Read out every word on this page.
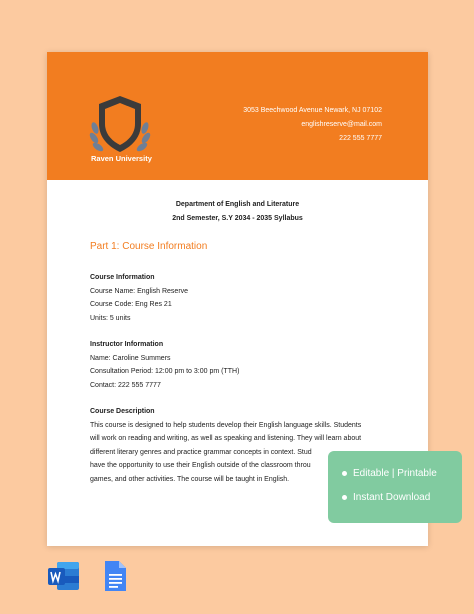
Raven University
3053 Beechwood Avenue Newark, NJ 07102
englishreserve@mail.com
222 555 7777
Department of English and Literature
2nd Semester, S.Y 2034 - 2035 Syllabus
Part 1: Course Information
Course Information
Course Name: English Reserve
Course Code: Eng Res 21
Units: 5 units
Instructor Information
Name: Caroline Summers
Consultation Period: 12:00 pm to 3:00 pm (TTH)
Contact: 222 555 7777
Course Description
This course is designed to help students develop their English language skills. Students
will work on reading and writing, as well as speaking and listening. They will learn about
different literary genres and practice grammar concepts in context. Stud
have the opportunity to use their English outside of the classroom throu
games, and other activities. The course will be taught in English.	Editable | Printable
Instant Download
